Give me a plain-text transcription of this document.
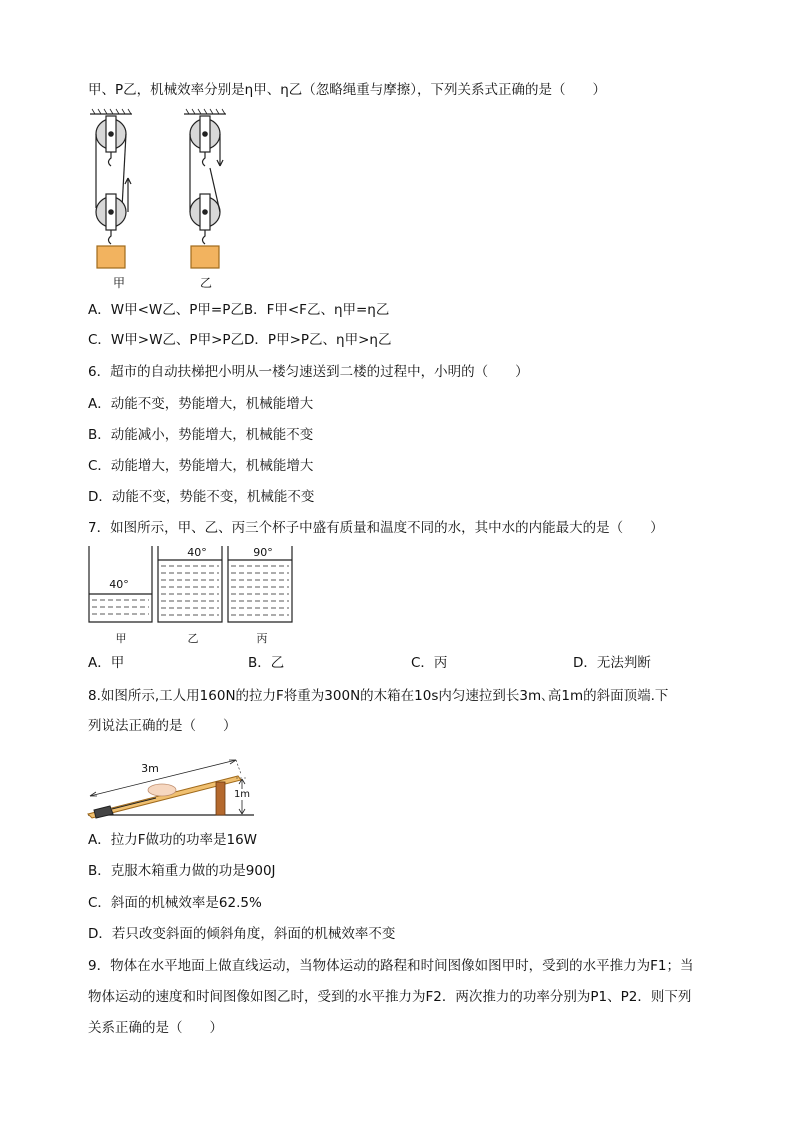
甲、P乙，机械效率分别是η甲、η乙（忽略绳重与摩擦），下列关系式正确的是（　　）
甲	乙
A．W甲<W乙、P甲=P乙B．F甲<F乙、η甲=η乙
C．W甲>W乙、P甲>P乙D．P甲>P乙、η甲>η乙
6．超市的自动扶梯把小明从一楼匀速送到二楼的过程中，小明的（　　）
A．动能不变，势能增大，机械能增大
B．动能减小，势能增大，机械能不变
C．动能增大，势能增大，机械能增大
D．动能不变，势能不变，机械能不变
7．如图所示，甲、乙、丙三个杯子中盛有质量和温度不同的水，其中水的内能最大的是（　　）
40°
40°	90°
甲	乙	丙
A．甲	B．乙	C．丙	D．无法判断
8.如图所示,工人用160N的拉力F将重为300N的木箱在10s内匀速拉到长3m､高1m的斜面顶端.下
列说法正确的是（　　）
3m
1m
A．拉力F做功的功率是16W
B．克服木箱重力做的功是900J
C．斜面的机械效率是62.5%
D．若只改变斜面的倾斜角度，斜面的机械效率不变
9．物体在水平地面上做直线运动，当物体运动的路程和时间图像如图甲时，受到的水平推力为F1；当
物体运动的速度和时间图像如图乙时，受到的水平推力为F2．两次推力的功率分别为P1、P2．则下列
关系正确的是（　　）
